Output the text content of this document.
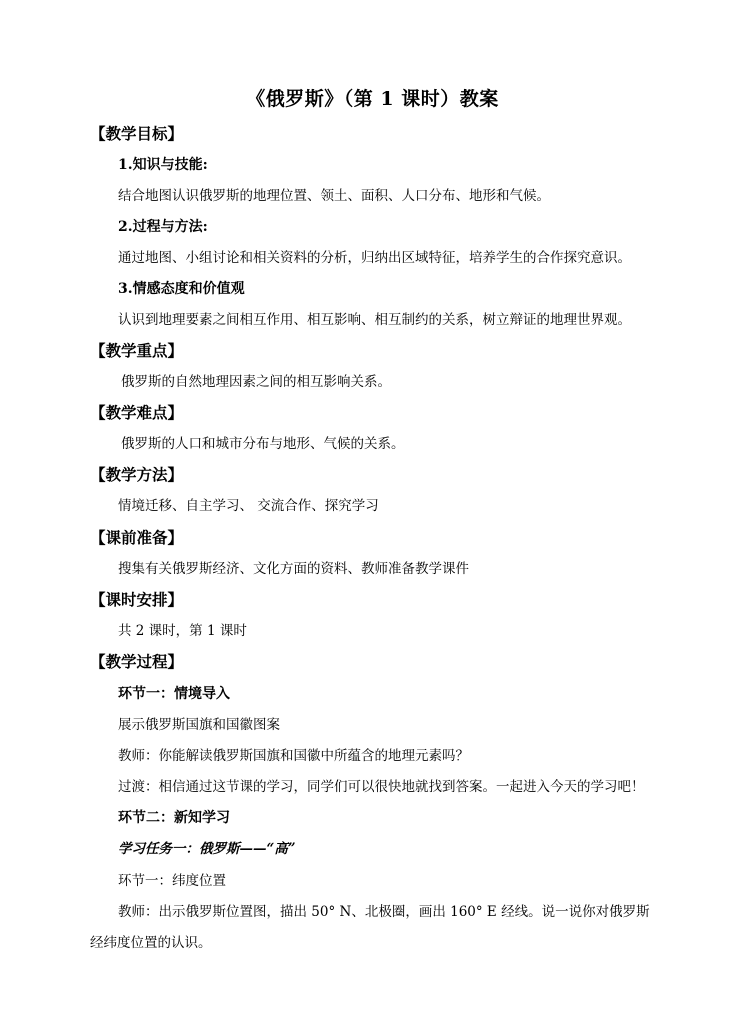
《俄罗斯》（第 1 课时）教案
【教学目标】
1.知识与技能:
结合地图认识俄罗斯的地理位置、领土、面积、人口分布、地形和气候。
2.过程与方法:
通过地图、小组讨论和相关资料的分析，归纳出区域特征，培养学生的合作探究意识。
3.情感态度和价值观
认识到地理要素之间相互作用、相互影响、相互制约的关系，树立辩证的地理世界观。
【教学重点】
俄罗斯的自然地理因素之间的相互影响关系。
【教学难点】
俄罗斯的人口和城市分布与地形、气候的关系。
【教学方法】
情境迁移、自主学习、 交流合作、探究学习
【课前准备】
搜集有关俄罗斯经济、文化方面的资料、教师准备教学课件
【课时安排】
共 2 课时，第 1 课时
【教学过程】
环节一：情境导入
展示俄罗斯国旗和国徽图案
教师：你能解读俄罗斯国旗和国徽中所蕴含的地理元素吗？
过渡：相信通过这节课的学习，同学们可以很快地就找到答案。一起进入今天的学习吧！
环节二：新知学习
学习任务一：俄罗斯——“高”
环节一：纬度位置
教师：出示俄罗斯位置图，描出 50° N、北极圈，画出 160° E 经线。说一说你对俄罗斯
经纬度位置的认识。
